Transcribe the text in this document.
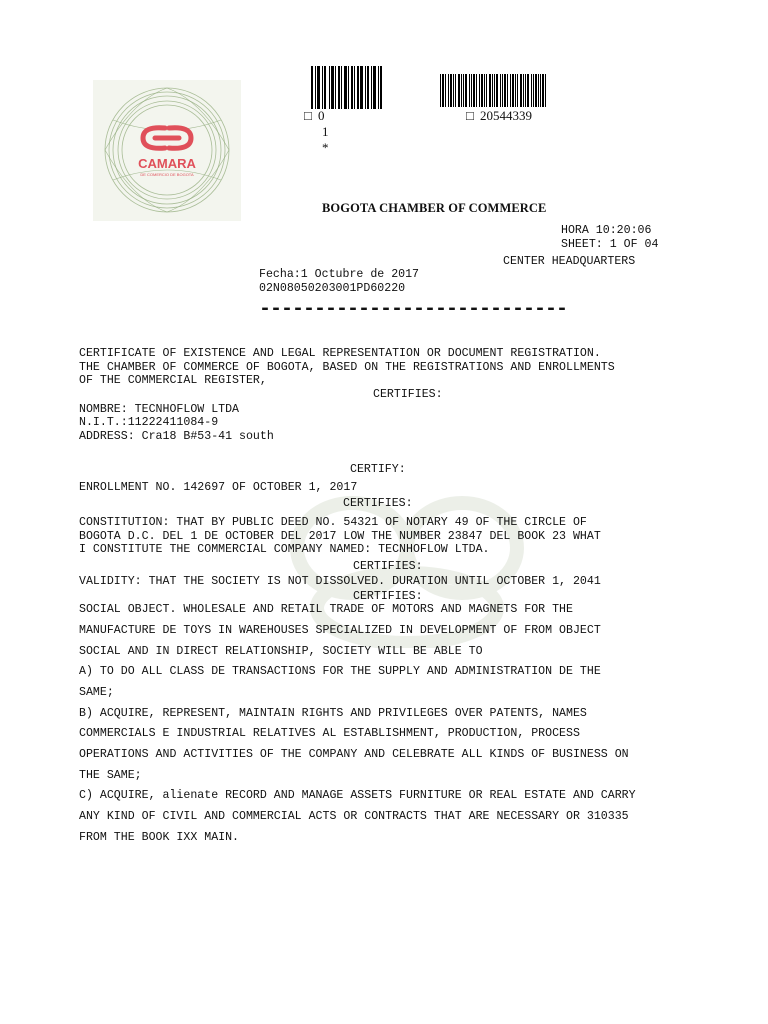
CAMARA
DE COMERCIO DE BOGOTA
□ 0
1
*
□ 20544339
BOGOTA CHAMBER OF COMMERCE
HORA 10:20:06
SHEET: 1 OF 04
CENTER HEADQUARTERS
Fecha:1 Octubre de 2017
02N08050203001PD60220
----------------------------
CERTIFICATE OF EXISTENCE AND LEGAL REPRESENTATION OR DOCUMENT REGISTRATION.
THE CHAMBER OF COMMERCE OF BOGOTA, BASED ON THE REGISTRATIONS AND ENROLLMENTS
OF THE COMMERCIAL REGISTER,
CERTIFIES:
NOMBRE: TECNHOFLOW LTDA
N.I.T.:11222411084-9
ADDRESS: Cra18 B#53-41 south
CERTIFY:
ENROLLMENT NO. 142697 OF OCTOBER 1, 2017
CERTIFIES:
CONSTITUTION: THAT BY PUBLIC DEED NO. 54321 OF NOTARY 49 OF THE CIRCLE OF
BOGOTA D.C. DEL 1 DE OCTOBER DEL 2017 LOW THE NUMBER 23847 DEL BOOK 23 WHAT
I CONSTITUTE THE COMMERCIAL COMPANY NAMED: TECNHOFLOW LTDA.
CERTIFIES:
VALIDITY: THAT THE SOCIETY IS NOT DISSOLVED. DURATION UNTIL OCTOBER 1, 2041
CERTIFIES:
SOCIAL OBJECT. WHOLESALE AND RETAIL TRADE OF MOTORS AND MAGNETS FOR THE
MANUFACTURE DE TOYS IN WAREHOUSES SPECIALIZED IN DEVELOPMENT OF FROM OBJECT
SOCIAL AND IN DIRECT RELATIONSHIP, SOCIETY WILL BE ABLE TO
A) TO DO ALL CLASS DE TRANSACTIONS FOR THE SUPPLY AND ADMINISTRATION DE THE
SAME;
B) ACQUIRE, REPRESENT, MAINTAIN RIGHTS AND PRIVILEGES OVER PATENTS, NAMES
COMMERCIALS E INDUSTRIAL RELATIVES AL ESTABLISHMENT, PRODUCTION, PROCESS
OPERATIONS AND ACTIVITIES OF THE COMPANY AND CELEBRATE ALL KINDS OF BUSINESS ON
THE SAME;
C) ACQUIRE, alienate RECORD AND MANAGE ASSETS FURNITURE OR REAL ESTATE AND CARRY
ANY KIND OF CIVIL AND COMMERCIAL ACTS OR CONTRACTS THAT ARE NECESSARY OR 310335
FROM THE BOOK IXX MAIN.
